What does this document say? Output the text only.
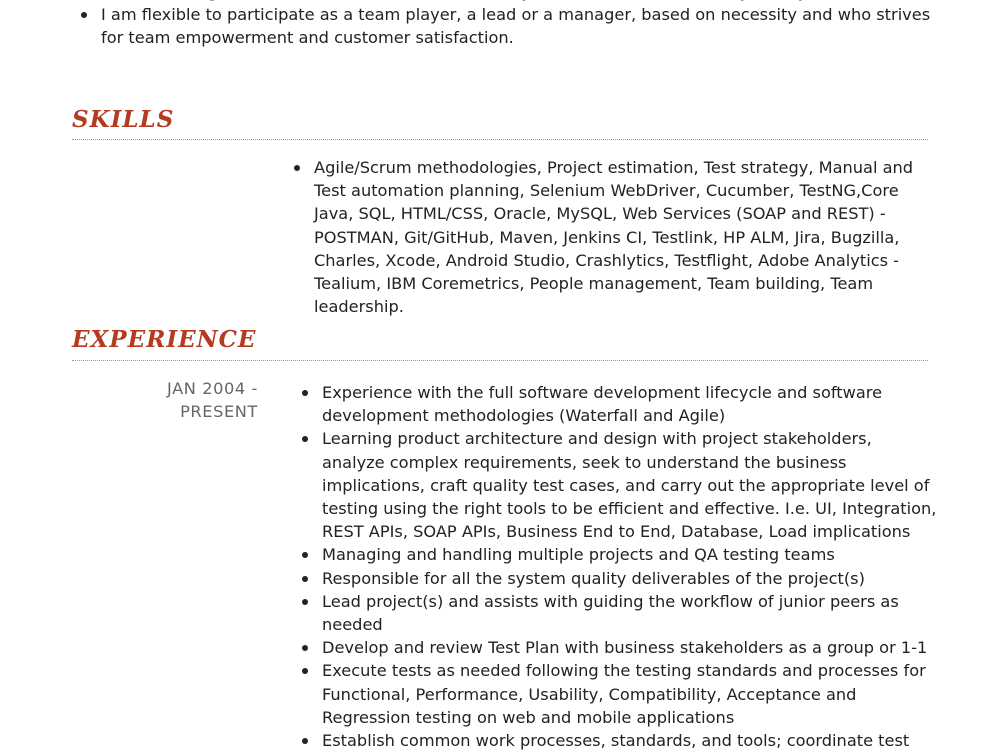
I am flexible to participate as a team player, a lead or a manager, based on necessity and who strives for team empowerment and customer satisfaction.
SKILLS
Agile/Scrum methodologies, Project estimation, Test strategy, Manual and Test automation planning, Selenium WebDriver, Cucumber, TestNG,Core Java, SQL, HTML/CSS, Oracle, MySQL, Web Services (SOAP and REST) - POSTMAN, Git/GitHub, Maven, Jenkins CI, Testlink, HP ALM, Jira, Bugzilla, Charles, Xcode, Android Studio, Crashlytics, Testflight, Adobe Analytics - Tealium, IBM Coremetrics, People management, Team building, Team leadership.
EXPERIENCE
JAN 2004 -
PRESENT
Experience with the full software development lifecycle and software development methodologies (Waterfall and Agile)
Learning product architecture and design with project stakeholders, analyze complex requirements, seek to understand the business implications, craft quality test cases, and carry out the appropriate level of testing using the right tools to be efficient and effective. I.e. UI, Integration, REST APIs, SOAP APIs, Business End to End, Database, Load implications
Managing and handling multiple projects and QA testing teams
Responsible for all the system quality deliverables of the project(s)
Lead project(s) and assists with guiding the workflow of junior peers as needed
Develop and review Test Plan with business stakeholders as a group or 1-1
Execute tests as needed following the testing standards and processes for Functional, Performance, Usability, Compatibility, Acceptance and Regression testing on web and mobile applications
Establish common work processes, standards, and tools; coordinate test
